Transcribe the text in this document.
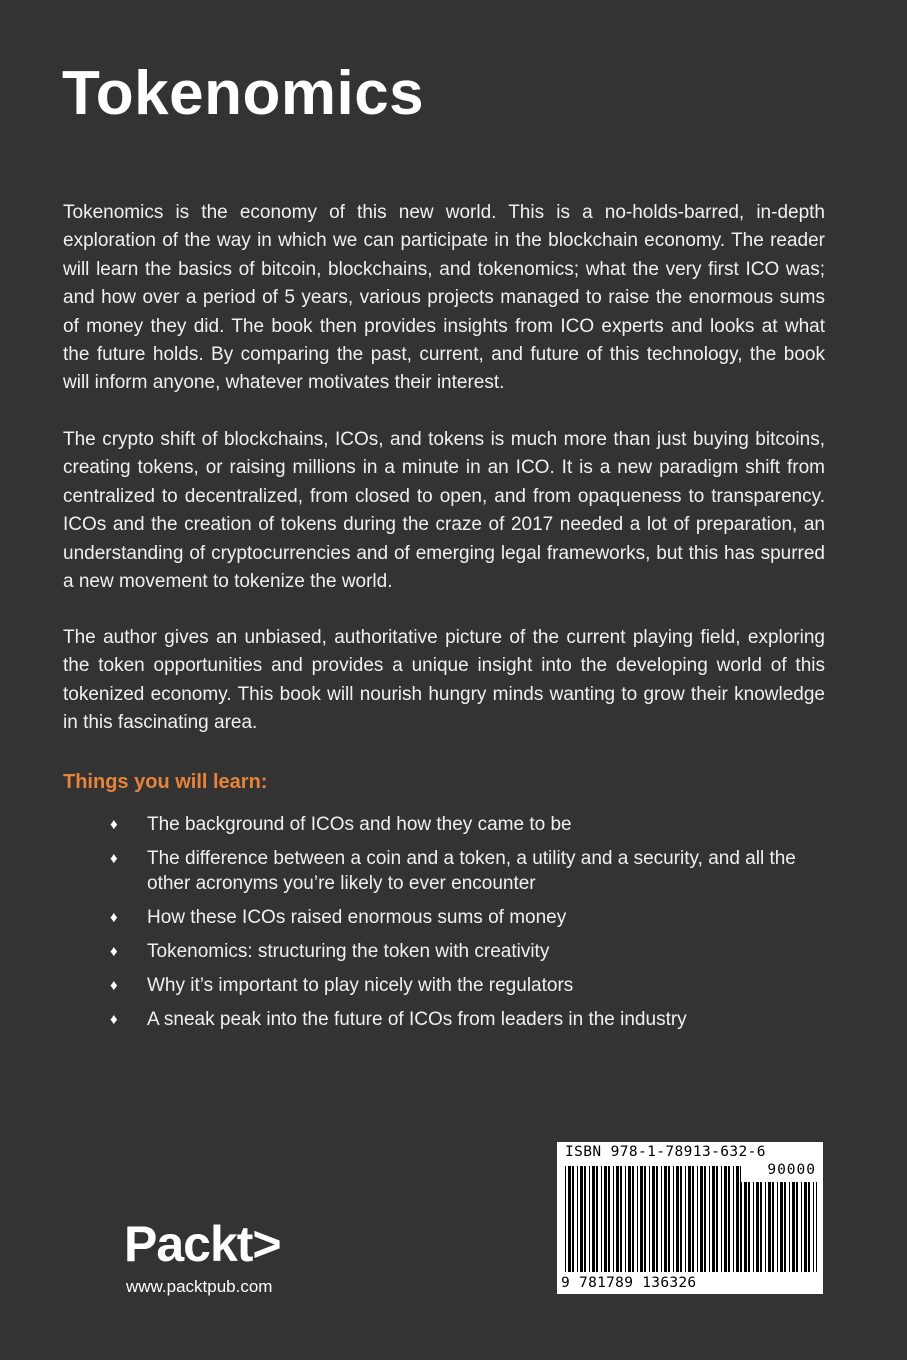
Tokenomics

Tokenomics is the economy of this new world. This is a no-holds-barred, in-depth exploration of the way in which we can participate in the blockchain economy. The reader will learn the basics of bitcoin, blockchains, and tokenomics; what the very first ICO was; and how over a period of 5 years, various projects managed to raise the enormous sums of money they did. The book then provides insights from ICO experts and looks at what the future holds. By comparing the past, current, and future of this technology, the book will inform anyone, whatever motivates their interest.

The crypto shift of blockchains, ICOs, and tokens is much more than just buying bitcoins, creating tokens, or raising millions in a minute in an ICO. It is a new paradigm shift from centralized to decentralized, from closed to open, and from opaqueness to transparency. ICOs and the creation of tokens during the craze of 2017 needed a lot of preparation, an understanding of cryptocurrencies and of emerging legal frameworks, but this has spurred a new movement to tokenize the world.

The author gives an unbiased, authoritative picture of the current playing field, exploring the token opportunities and provides a unique insight into the developing world of this tokenized economy. This book will nourish hungry minds wanting to grow their knowledge in this fascinating area.

Things you will learn:
♦ The background of ICOs and how they came to be
♦ The difference between a coin and a token, a utility and a security, and all the other acronyms you’re likely to ever encounter
♦ How these ICOs raised enormous sums of money
♦ Tokenomics: structuring the token with creativity
♦ Why it’s important to play nicely with the regulators
♦ A sneak peak into the future of ICOs from leaders in the industry
Packt>
www.packtpub.com
ISBN 978-1-78913-632-6
90000
9 781789 136326
